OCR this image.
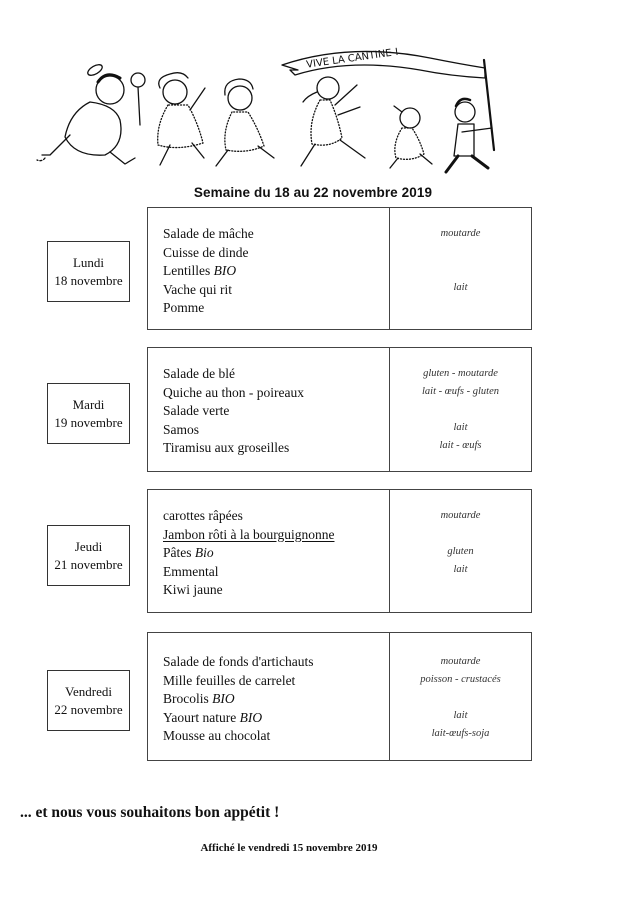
VIVE LA CANTINE !
Semaine du 18 au 22 novembre 2019
Lundi
18 novembre
Salade de mâche
Cuisse de dinde
Lentilles BIO
Vache qui rit
Pomme
moutarde
lait
Mardi
19 novembre
Salade de blé
Quiche au thon - poireaux
Salade verte
Samos
Tiramisu aux groseilles
gluten - moutarde
lait - œufs - gluten
lait
lait - œufs
Jeudi
21 novembre
carottes râpées
Jambon rôti à la bourguignonne
Pâtes Bio
Emmental
Kiwi jaune
moutarde
gluten
lait
Vendredi
22 novembre
Salade de fonds d'artichauts
Mille feuilles de carrelet
Brocolis BIO
Yaourt nature BIO
Mousse au chocolat
moutarde
poisson - crustacés
lait
lait-œufs-soja
... et nous vous souhaitons bon appétit !
Affiché le vendredi 15 novembre 2019
